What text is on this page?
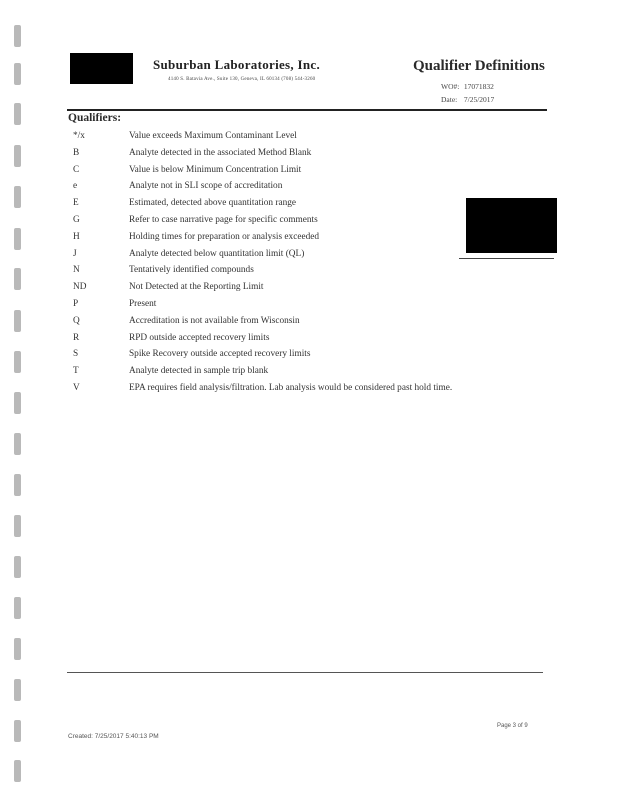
Suburban Laboratories, Inc.
4140 S. Batavia Ave., Suite 130, Geneva, IL 60134 (708) 544-3260
Qualifier Definitions
WO#: 17071832
Date: 7/25/2017
Qualifiers:
*/x	Value exceeds Maximum Contaminant Level
B	Analyte detected in the associated Method Blank
C	Value is below Minimum Concentration Limit
e	Analyte not in SLI scope of accreditation
E	Estimated, detected above quantitation range
G	Refer to case narrative page for specific comments
H	Holding times for preparation or analysis exceeded
J	Analyte detected below quantitation limit (QL)
N	Tentatively identified compounds
ND	Not Detected at the Reporting Limit
P	Present
Q	Accreditation is not available from Wisconsin
R	RPD outside accepted recovery limits
S	Spike Recovery outside accepted recovery limits
T	Analyte detected in sample trip blank
V	EPA requires field analysis/filtration. Lab analysis would be considered past hold time.
Page 3 of 9
Created: 7/25/2017 5:40:13 PM
